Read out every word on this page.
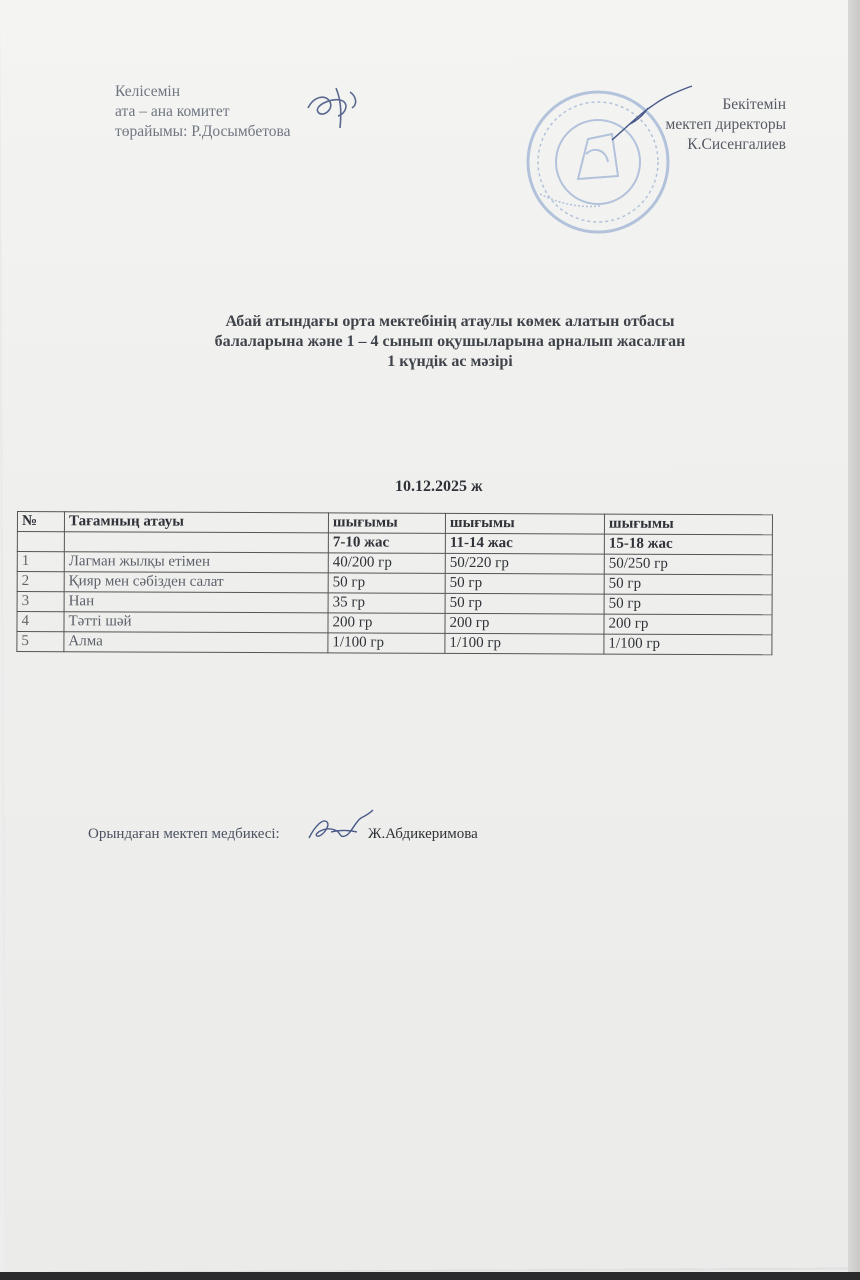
Келісемін
ата – ана комитет
төрайымы: Р.Досымбетова
Бекітемін
мектеп директоры
К.Сисенгалиев
Абай атындағы орта мектебінің атаулы көмек алатын отбасы
балаларына және 1 – 4 сынып оқушыларына арналып жасалған
1 күндік ас мәзірі
10.12.2025 ж
№	Тағамның атауы	шығымы	шығымы	шығымы
		7-10 жас	11-14 жас	15-18 жас
1	Лагман жылқы етімен	40/200 гр	50/220 гр	50/250 гр
2	Қияр мен сәбізден салат	50 гр	50 гр	50 гр
3	Нан	35 гр	50 гр	50 гр
4	Тәтті шәй	200 гр	200 гр	200 гр
5	Алма	1/100 гр	1/100 гр	1/100 гр
Орындаған мектеп медбикесі:	Ж.Абдикеримова
